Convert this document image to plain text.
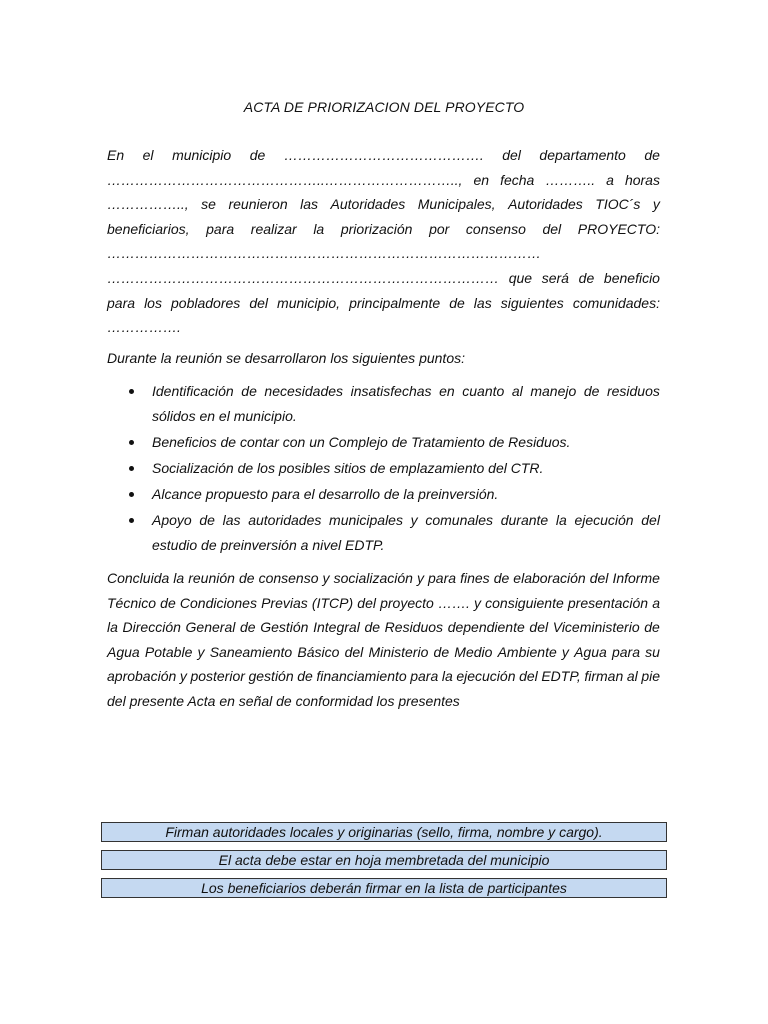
ACTA DE PRIORIZACION DEL PROYECTO
En el municipio de ……………………………………. del departamento de
………………………………………..……………………….., en fecha ……….. a horas
…………….., se reunieron las Autoridades Municipales, Autoridades TIOC´s y
beneficiarios, para realizar la priorización por consenso del PROYECTO:
…………………………………………………………………………………
………………………………………………………………………… que será de beneficio
para los pobladores del municipio, principalmente de las siguientes comunidades:
…………….
Durante la reunión se desarrollaron los siguientes puntos:
Identificación de necesidades insatisfechas en cuanto al manejo de residuos
sólidos en el municipio.
Beneficios de contar con un Complejo de Tratamiento de Residuos.
Socialización de los posibles sitios de emplazamiento del CTR.
Alcance propuesto para el desarrollo de la preinversión.
Apoyo de las autoridades municipales y comunales durante la ejecución del
estudio de preinversión a nivel EDTP.
Concluida la reunión de consenso y socialización y para fines de elaboración del Informe
Técnico de Condiciones Previas (ITCP) del proyecto ……. y consiguiente presentación a
la Dirección General de Gestión Integral de Residuos dependiente del Viceministerio de
Agua Potable y Saneamiento Básico del Ministerio de Medio Ambiente y Agua para su
aprobación y posterior gestión de financiamiento para la ejecución del EDTP, firman al pie
del presente Acta en señal de conformidad los presentes
Firman autoridades locales y originarias (sello, firma, nombre y cargo).
El acta debe estar en hoja membretada del municipio
Los beneficiarios deberán firmar en la lista de participantes
